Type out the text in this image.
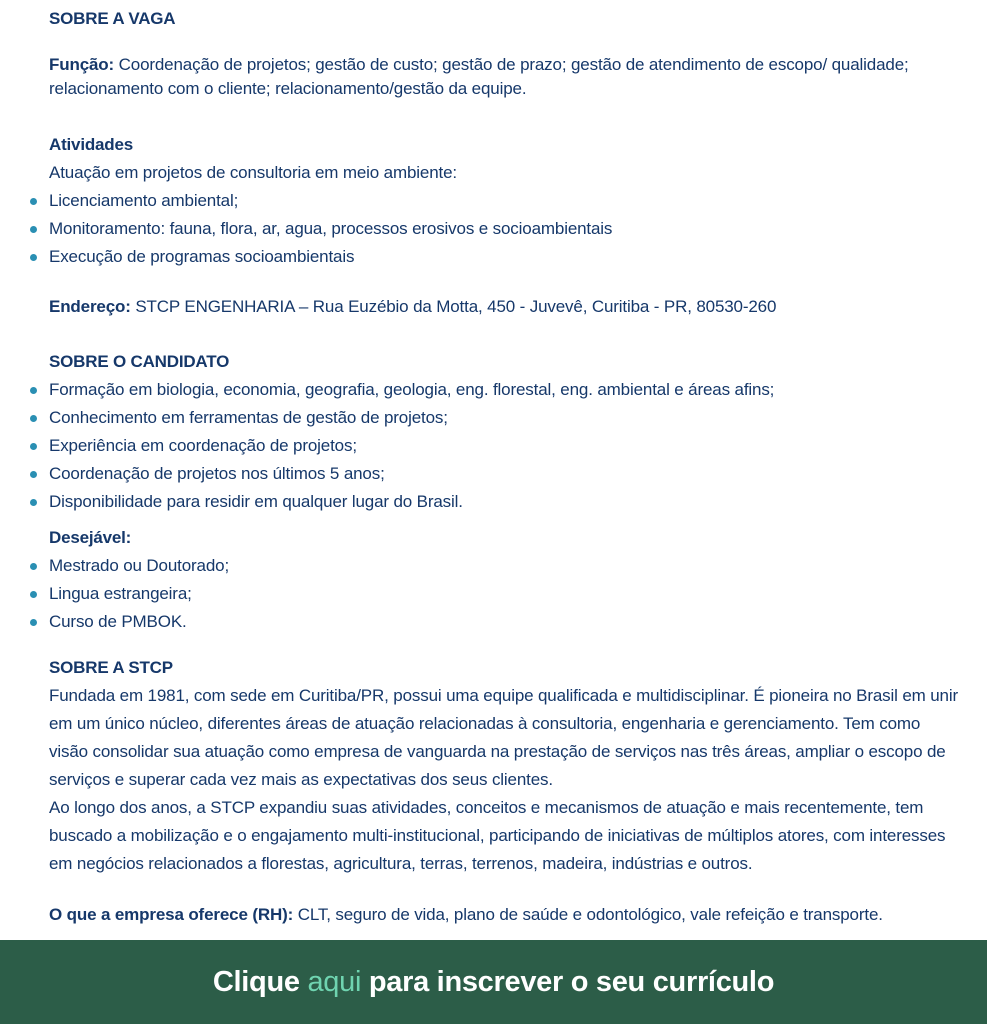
SOBRE A VAGA

Função: Coordenação de projetos; gestão de custo; gestão de prazo; gestão de atendimento de escopo/ qualidade; relacionamento com o cliente; relacionamento/gestão da equipe.

Atividades

Atuação em projetos de consultoria em meio ambiente:

Licenciamento ambiental;
Monitoramento: fauna, flora, ar, agua, processos erosivos e socioambientais
Execução de programas socioambientais

Endereço: STCP ENGENHARIA – Rua Euzébio da Motta, 450 - Juvevê, Curitiba - PR, 80530-260

SOBRE O CANDIDATO
Formação em biologia, economia, geografia, geologia, eng. florestal, eng. ambiental e áreas afins;
Conhecimento em ferramentas de gestão de projetos;
Experiência em coordenação de projetos;
Coordenação de projetos nos últimos 5 anos;
Disponibilidade para residir em qualquer lugar do Brasil.
Desejável:
Mestrado ou Doutorado;
Lingua estrangeira;
Curso de PMBOK.
SOBRE A STCP

Fundada em 1981, com sede em Curitiba/PR, possui uma equipe qualificada e multidisciplinar. É pioneira no Brasil em unir em um único núcleo, diferentes áreas de atuação relacionadas à consultoria, engenharia e gerenciamento. Tem como visão consolidar sua atuação como empresa de vanguarda na prestação de serviços nas três áreas, ampliar o escopo de serviços e superar cada vez mais as expectativas dos seus clientes.

Ao longo dos anos, a STCP expandiu suas atividades, conceitos e mecanismos de atuação e mais recentemente, tem buscado a mobilização e o engajamento multi-institucional, participando de iniciativas de múltiplos atores, com interesses em negócios relacionados a florestas, agricultura, terras, terrenos, madeira, indústrias e outros.

O que a empresa oferece (RH): CLT, seguro de vida, plano de saúde e odontológico, vale refeição e transporte.

Clique aqui para inscrever o seu currículo
